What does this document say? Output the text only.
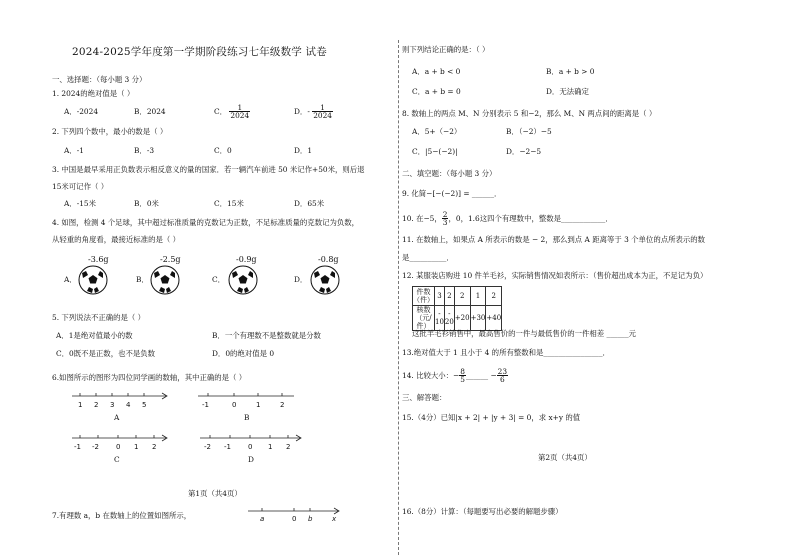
2024-2025学年度第一学期阶段练习七年级数学 试卷
一、选择题：（每小题 3 分）
1. 2024的绝对值是（ ）
A．-2024	B．2024	C． $\frac{1}{2024}$	D．- $\frac{1}{2024}$
2. 下列四个数中，最小的数是（ ）
A．-1	B．-3	C．0	D．1
3. 中国是最早采用正负数表示相反意义的量的国家．若一辆汽车前进 50 米记作+50米，则后退
15米可记作（ ）
A．-15米	B．0米	C．15米	D．65米
4. 如图，检测 4 个足球，其中超过标准质量的克数记为正数，不足标准质量的克数记为负数，
从轻重的角度看，最接近标准的是（ ）
-3.6g
A．
-2.5g
B．
-0.9g
C．
-0.8g
D．
5. 下列说法不正确的是（ ）
A．1是绝对值最小的数	B．一个有理数不是整数就是分数
C．0既不是正数，也不是负数	D．0的绝对值是 0
6.如图所示的图形为四位同学画的数轴，其中正确的是（ ）
1 2 3 4 5
A
-1	0	1	2
B
-1 -2 0 1 2
C
-2 -1 0 1 2
D
第1页（共4页）
7.有理数 a，b 在数轴上的位置如图所示，	a	0 b	x
则下列结论正确的是：（ ）
A．a + b < 0	B．a + b > 0
C．a + b = 0	D．无法确定
8. 数轴上的两点 M、N 分别表示 5 和−2，那么 M、N 两点间的距离是（ ）
A．5+（−2）	B．（−2）−5
C．|5−(−2)|	D．−2−5
二、填空题：（每小题 3 分）
9. 化简−[−(−2)] = ______．
10. 在−5， $\frac{2}{3}$ ，0，1.6这四个有理数中，整数是____________．
11. 在数轴上，如果点 A 所表示的数是 − 2，那么到点 A 距离等于 3 个单位的点所表示的数
是__________．
12. 某服装店购进 10 件羊毛衫，实际销售情况如表所示：（售价超出成本为正，不足记为负）
件数（件）	3	2	2	1	2
核数（元/件）	- 10	- 20	+20	+30	+40
这批羊毛衫销售中，最高售价的一件与最低售价的一件相差 ______元
13.绝对值大于 1 且小于 4 的所有整数和是________________．
14. 比较大小：− $\frac{8}{5}$ ______ − $\frac{23}{6}$
三、解答题：
15.（4分）已知|x + 2| + |y + 3| = 0，求 x+y 的值
第2页（共4页）
16.（8分）计算：（每题要写出必要的解题步骤）
